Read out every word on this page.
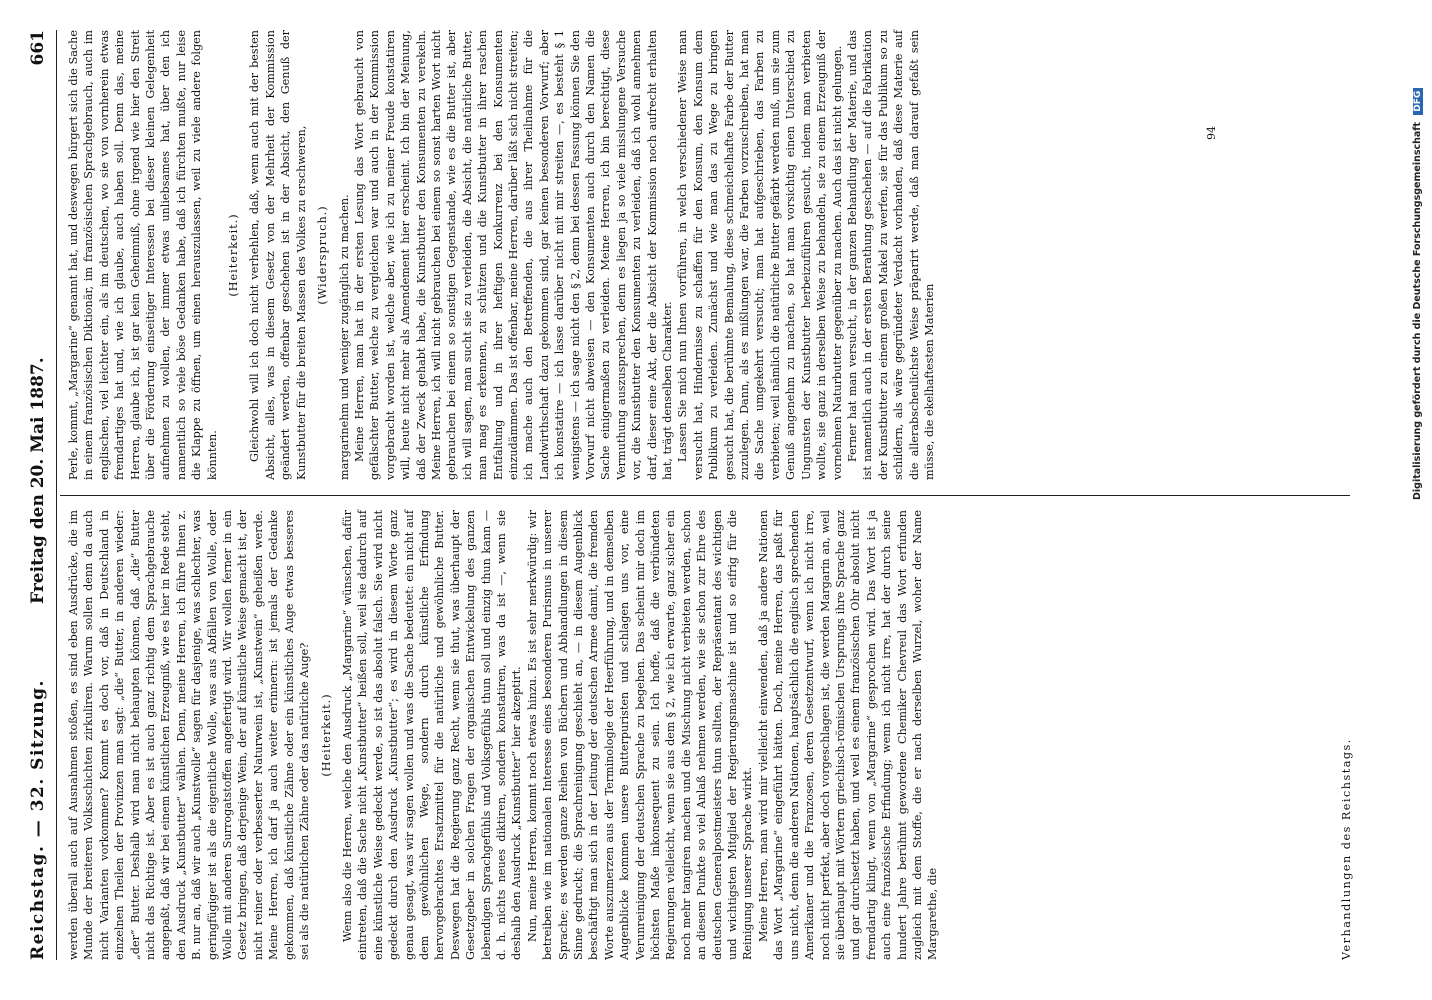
Reichstag. — 32. Sitzung.
Freitag den 20. Mai 1887.  661

werden überall auch auf Ausnahmen stoßen, es sind eben Ausdrücke, die im Munde der breiteren Volksschichten zirkuliren. Warum sollen denn da auch nicht Varianten vorkommen? Kommt es doch vor, daß in Deutschland in einzelnen Theilen der Provinzen man sagt: „die“ Butter, in anderen wieder: „der“ Butter. Deshalb wird man nicht behaupten können, daß „die“ Butter nicht das Richtige ist. Aber es ist auch ganz richtig dem Sprachgebrauche angepaßt, daß wir bei einem künstlichen Erzeugniß, wie es hier in Rede steht, den Ausdruck „Kunstbutter“ wählen. Denn, meine Herren, ich führe Ihnen z. B. nur an, daß wir auch „Kunstwolle“ sagen für dasjenige, was schlechter, was geringfügiger ist als die eigentliche Wolle, was aus Abfällen von Wolle, oder Wolle mit anderen Surrogatstoffen angefertigt wird. Wir wollen ferner in ein Gesetz bringen, daß derjenige Wein, der auf künstliche Weise gemacht ist, der nicht reiner oder verbesserter Naturwein ist, „Kunstwein“ geheißen werde. Meine Herren, ich darf ja auch weiter erinnern: ist jemals der Gedanke gekommen, daß künstliche Zähne oder ein künstliches Auge etwas besseres sei als die natürlichen Zähne oder das natürliche Auge? (Heiterkeit.) Wenn also die Herren, welche den Ausdruck „Margarine“ wünschen, dafür eintreten, daß die Sache nicht „Kunstbutter“ heißen soll, weil sie dadurch auf eine künstliche Weise gedeckt werde, so ist das absolut falsch. Sie wird nicht gedeckt durch den Ausdruck „Kunstbutter“; es wird in diesem Worte ganz genau gesagt, was wir sagen wollen und was die Sache bedeutet: ein nicht auf dem gewöhnlichen Wege, sondern durch künstliche Erfindung hervorgebrachtes Ersatzmittel für die natürliche und gewöhnliche Butter. Deswegen hat die Regierung ganz Recht, wenn sie thut, was überhaupt der Gesetzgeber in solchen Fragen der organischen Entwickelung des ganzen lebendigen Sprachgefühls und Volksgefühls thun soll und einzig thun kann — d. h. nichts neues diktiren, sondern konstatiren, was da ist —, wenn sie deshalb den Ausdruck „Kunstbutter“ hier akzeptirt. Nun, meine Herren, kommt noch etwas hinzu. Es ist sehr merkwürdig: wir betreiben wie im nationalen Interesse eines besonderen Purismus in unserer Sprache; es werden ganze Reihen von Büchern und Abhandlungen in diesem Sinne gedruckt; die Sprachreinigung geschieht an, — in diesem Augenblick beschäftigt man sich in der Leitung der deutschen Armee damit, die fremden Worte auszumerzen aus der Terminologie der Heerführung, und in demselben Augenblicke kommen unsere Butterpuristen und schlagen uns vor, eine Verunreinigung der deutschen Sprache zu begehen. Das scheint mir doch im höchsten Maße inkonsequent zu sein. Ich hoffe, daß die verbündeten Regierungen vielleicht, wenn sie aus dem § 2, wie ich erwarte, ganz sicher ein noch mehr tangiren machen und die Mischung nicht verbieten werden, schon an diesem Punkte so viel Anlaß nehmen werden, wie sie schon zur Ehre des deutschen Generalpostmeisters thun sollten, der Repräsentant des wichtigen und wichtigsten Mitglied der Regierungsmaschine ist und so eifrig für die Reinigung unserer Sprache wirkt. Meine Herren, man wird mir vielleicht einwenden, daß ja andere Nationen das Wort „Margarine“ eingeführt hätten. Doch, meine Herren, das paßt für uns nicht, denn die anderen Nationen, hauptsächlich die englisch sprechenden Amerikaner und die Franzosen, deren Gesetzentwurf, wenn ich nicht irre, noch nicht perfekt, aber doch vorgeschlagen ist, die werden Margarin an, weil sie überhaupt mit Wörtern griechisch-römischen Ursprungs ihre Sprache ganz und gar durchsetzt haben, und weil es einem französischen Ohr absolut nicht fremdartig klingt, wenn von „Margarine“ gesprochen wird. Das Wort ist ja auch eine französische Erfindung; wenn ich nicht irre, hat der durch seine hundert Jahre berühmt gewordene Chemiker Chevreul das Wort erfunden zugleich mit dem Stoffe, die er nach derselben Wurzel, woher der Name Margarethe, die	Verhandlungen des Reichstags.

Perle, kommt, „Margarine“ genannt hat, und deswegen bürgert sich die Sache in einem französischen Diktionär, im französischen Sprachgebrauch, auch im englischen, viel leichter ein, als im deutschen, wo sie von vornherein etwas fremdartiges hat und, wie ich glaube, auch haben soll. Denn das, meine Herren, glaube ich, ist gar kein Geheimniß, ohne irgend wie hier den Streit über die Förderung einseitiger Interessen bei dieser kleinen Gelegenheit aufnehmen zu wollen, der immer etwas unliebsames hat, über den ich namentlich so viele böse Gedanken habe, daß ich fürchten mußte, nur leise die Klappe zu öffnen, um einen herauszulassen, weil zu viele andere folgen könnten.

(Heiterkeit.) Gleichwohl will ich doch nicht verhehlen, daß, wenn auch mit der besten Absicht, alles, was in diesem Gesetz von der Mehrheit der Kommission geändert werden, offenbar geschehen ist in der Absicht, den Genuß der Kunstbutter für die breiten Massen des Volkes zu erschweren, (Widerspruch.) margarinehm und weniger zugänglich zu machen. Meine Herren, man hat in der ersten Lesung das Wort gebraucht von gefälschter Butter, welche zu vergleichen war und auch in der Kommission vorgebracht worden ist, welche aber, wie ich zu meiner Freude konstatiren will, heute nicht mehr als Amendement hier erscheint. Ich bin der Meinung, daß der Zweck gehabt habe, die Kunstbutter den Konsumenten zu verekeln. Meine Herren, ich will nicht gebrauchen bei einem so sonst harten Wort nicht gebrauchen bei einem so sonstigen Gegenstande, wie es die Butter ist, aber ich will sagen, man sucht sie zu verleiden, die Absicht, die natürliche Butter, man mag es erkennen, zu schützen und die Kunstbutter in ihrer raschen Entfaltung und in ihrer heftigen Konkurrenz bei den Konsumenten einzudämmen. Das ist offenbar, meine Herren, darüber läßt sich nicht streiten; ich mache auch den Betreffenden, die aus ihrer Theilnahme für die Landwirthschaft dazu gekommen sind, gar keinen besonderen Vorwurf; aber ich konstatire — ich lasse darüber nicht mit mir streiten —, es besteht § 1 wenigstens — ich sage nicht den § 2, denn bei dessen Fassung können Sie den Vorwurf nicht abweisen — den Konsumenten auch durch den Namen die Sache einigermaßen zu verleiden. Meine Herren, ich bin berechtigt, diese Vermuthung auszusprechen, denn es liegen ja so viele misslungene Versuche vor, die Kunstbutter den Konsumenten zu verleiden, daß ich wohl annehmen darf, dieser eine Akt, der die Absicht der Kommission noch aufrecht erhalten hat, trägt denselben Charakter. Lassen Sie mich nun Ihnen vorführen, in welch verschiedener Weise man versucht hat, Hindernisse zu schaffen für den Konsum, den Konsum dem Publikum zu verleiden. Zunächst und wie man das zu Wege zu bringen gesucht hat, die berühmte Bemalung, diese schmeichelhafte Farbe der Butter zuzulegen. Dann, als es mißlungen war, die Farben vorzuschreiben, hat man die Sache umgekehrt versucht; man hat aufgeschrieben, das Farben zu verbieten; weil nämlich die natürliche Butter gefärbt werden muß, um sie zum Genuß angenehm zu machen, so hat man vorsichtig einen Unterschied zu Ungunsten der Kunstbutter herbeizuführen gesucht, indem man verbieten wollte, sie ganz in derselben Weise zu behandeln, sie zu einem Erzeugniß der vornehmen Naturbutter gegenüber zu machen. Auch das ist nicht gelungen. Ferner hat man versucht, in der ganzen Behandlung der Materie, und das ist namentlich auch in der ersten Berathung geschehen — auf die Fabrikation der Kunstbutter zu einem großen Makel zu werfen, sie für das Publikum so zu schildern, als wäre gegründeter Verdacht vorhanden, daß diese Materie auf die allerabscheulichste Weise präparirt werde, daß man darauf gefaßt sein müsse, die ekelhaftesten Materien

94	Digitalisierung gefördert durch die Deutsche Forschungsgemeinschaft DFG
